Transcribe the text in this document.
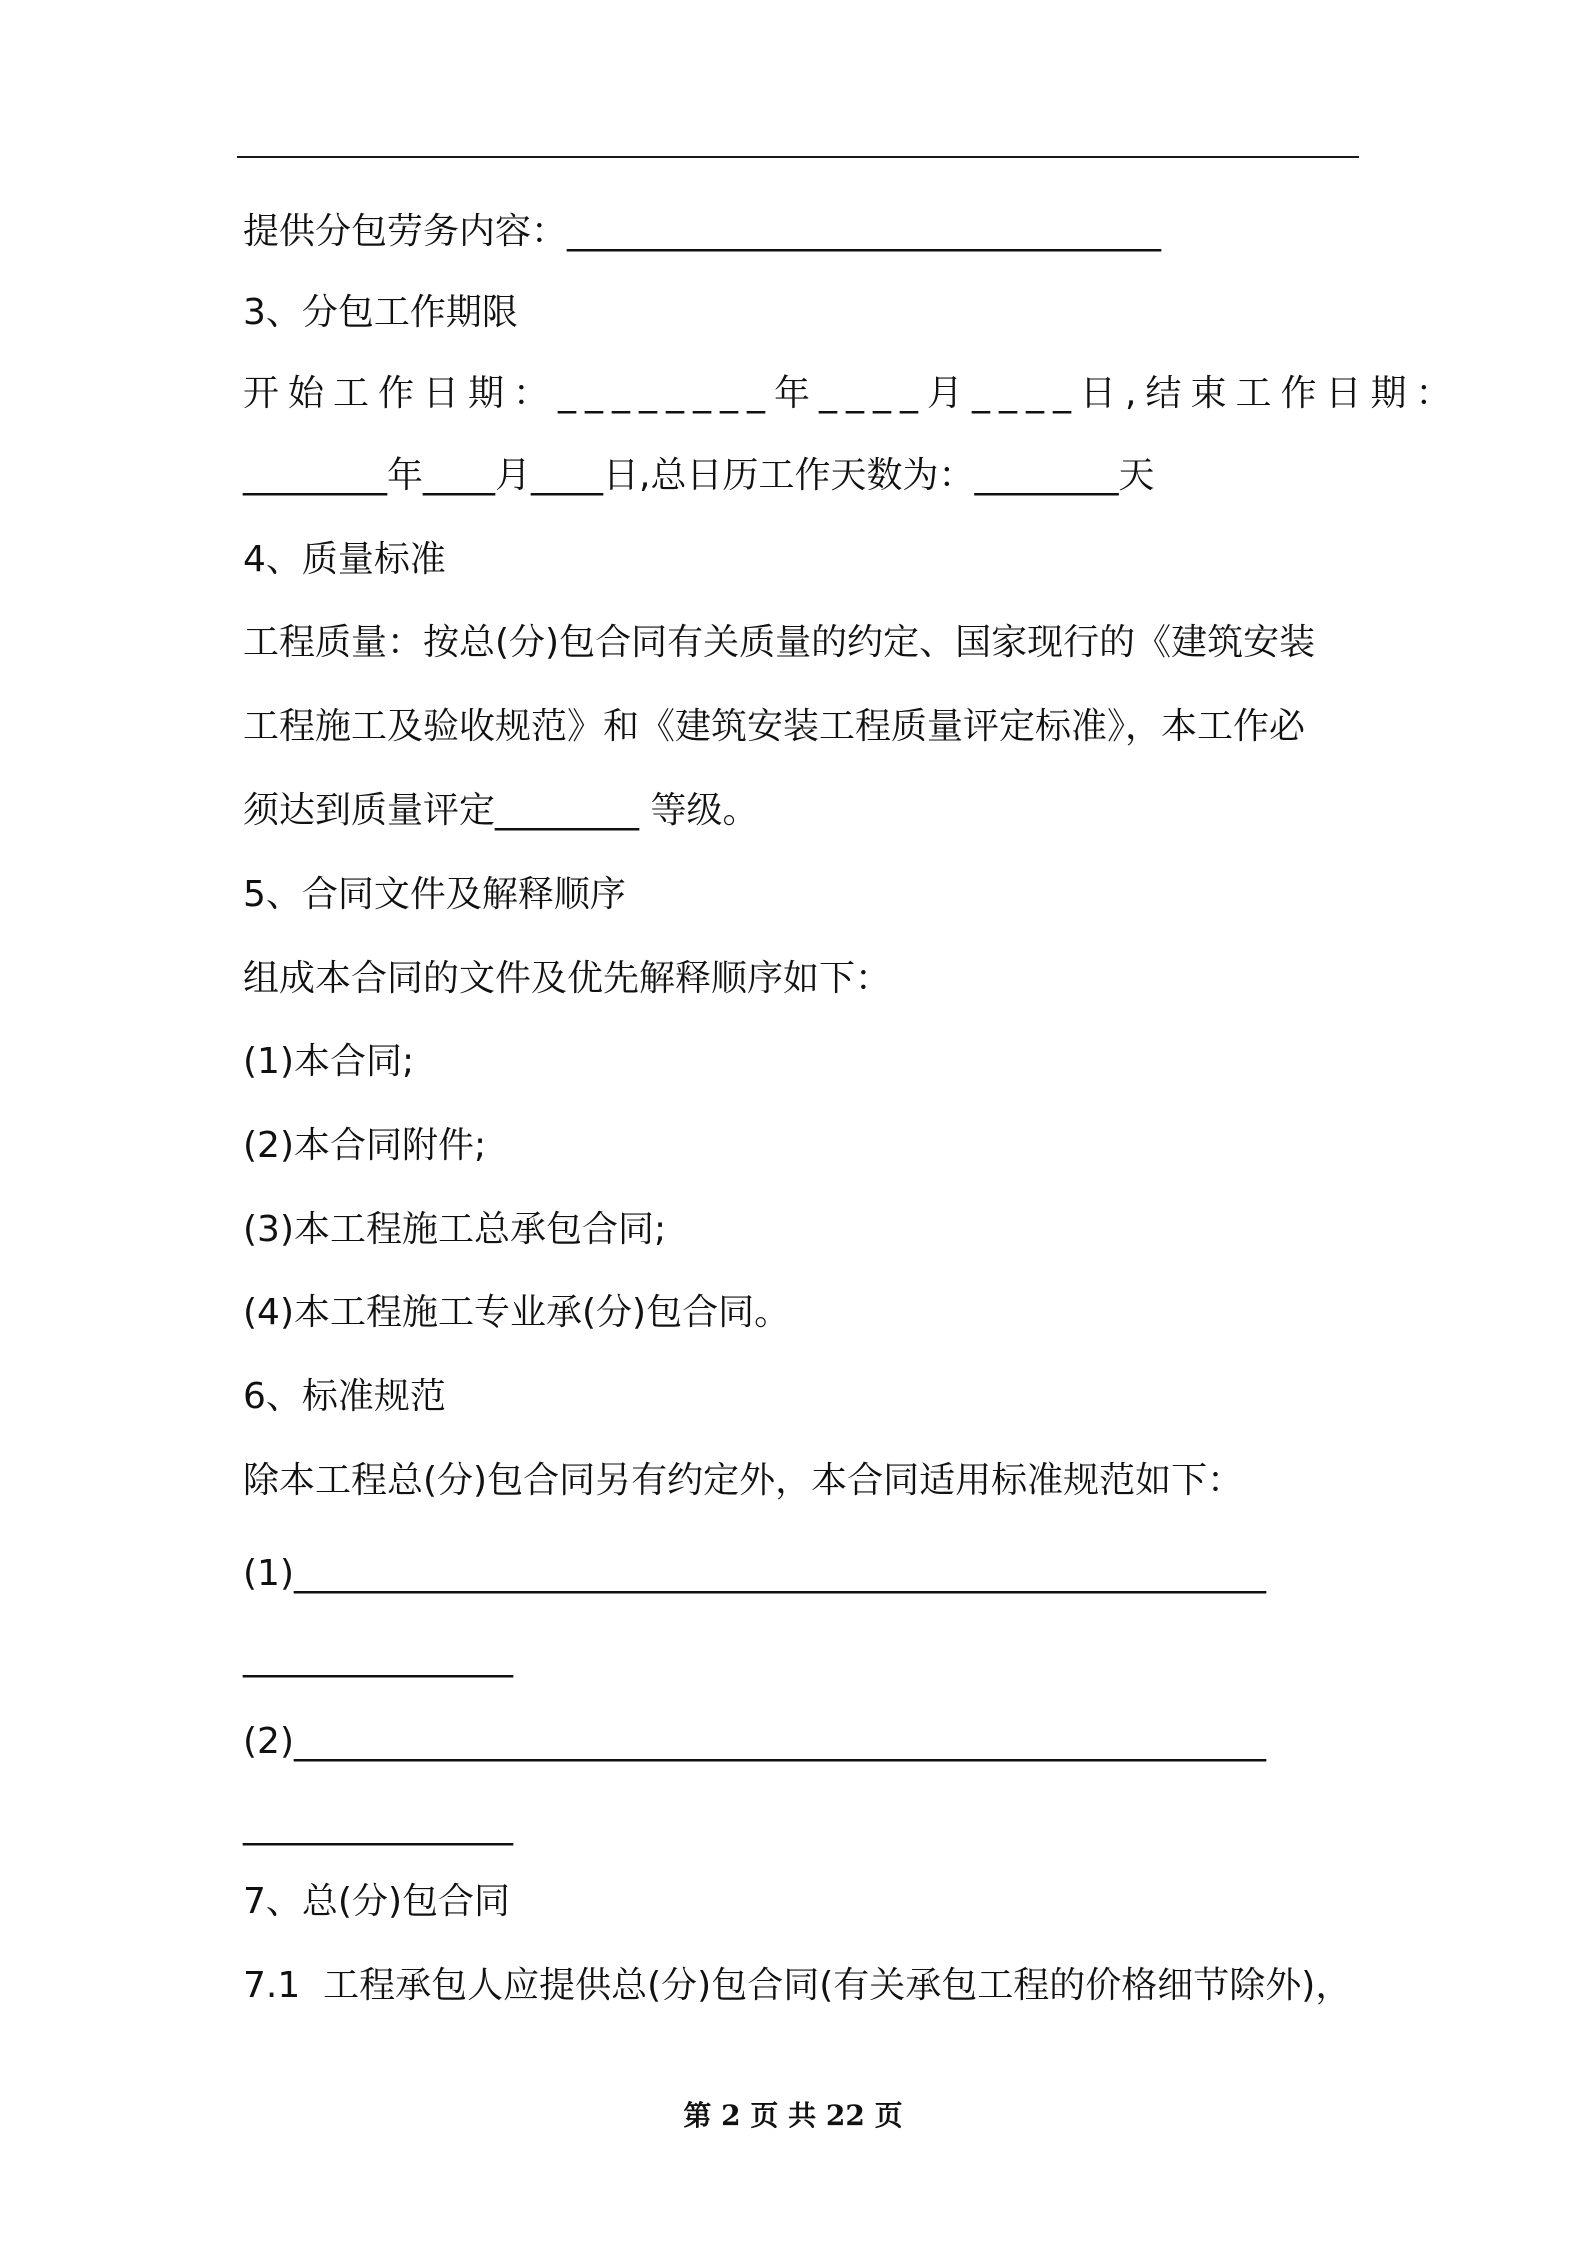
提供分包劳务内容：_________________________________
3、分包工作期限
开始工作日期：________年____月____日,结束工作日期：
________年____月____日,总日历工作天数为：________天
4、质量标准
工程质量：按总(分)包合同有关质量的约定、国家现行的《建筑安装
工程施工及验收规范》和《建筑安装工程质量评定标准》，本工作必
须达到质量评定________ 等级。
5、合同文件及解释顺序
组成本合同的文件及优先解释顺序如下：
(1)本合同;
(2)本合同附件;
(3)本工程施工总承包合同;
(4)本工程施工专业承(分)包合同。
6、标准规范
除本工程总(分)包合同另有约定外，本合同适用标准规范如下：
(1)______________________________________________________
_______________
(2)______________________________________________________
_______________
7、总(分)包合同
7.1  工程承包人应提供总(分)包合同(有关承包工程的价格细节除外)，
第 2 页 共 22 页
